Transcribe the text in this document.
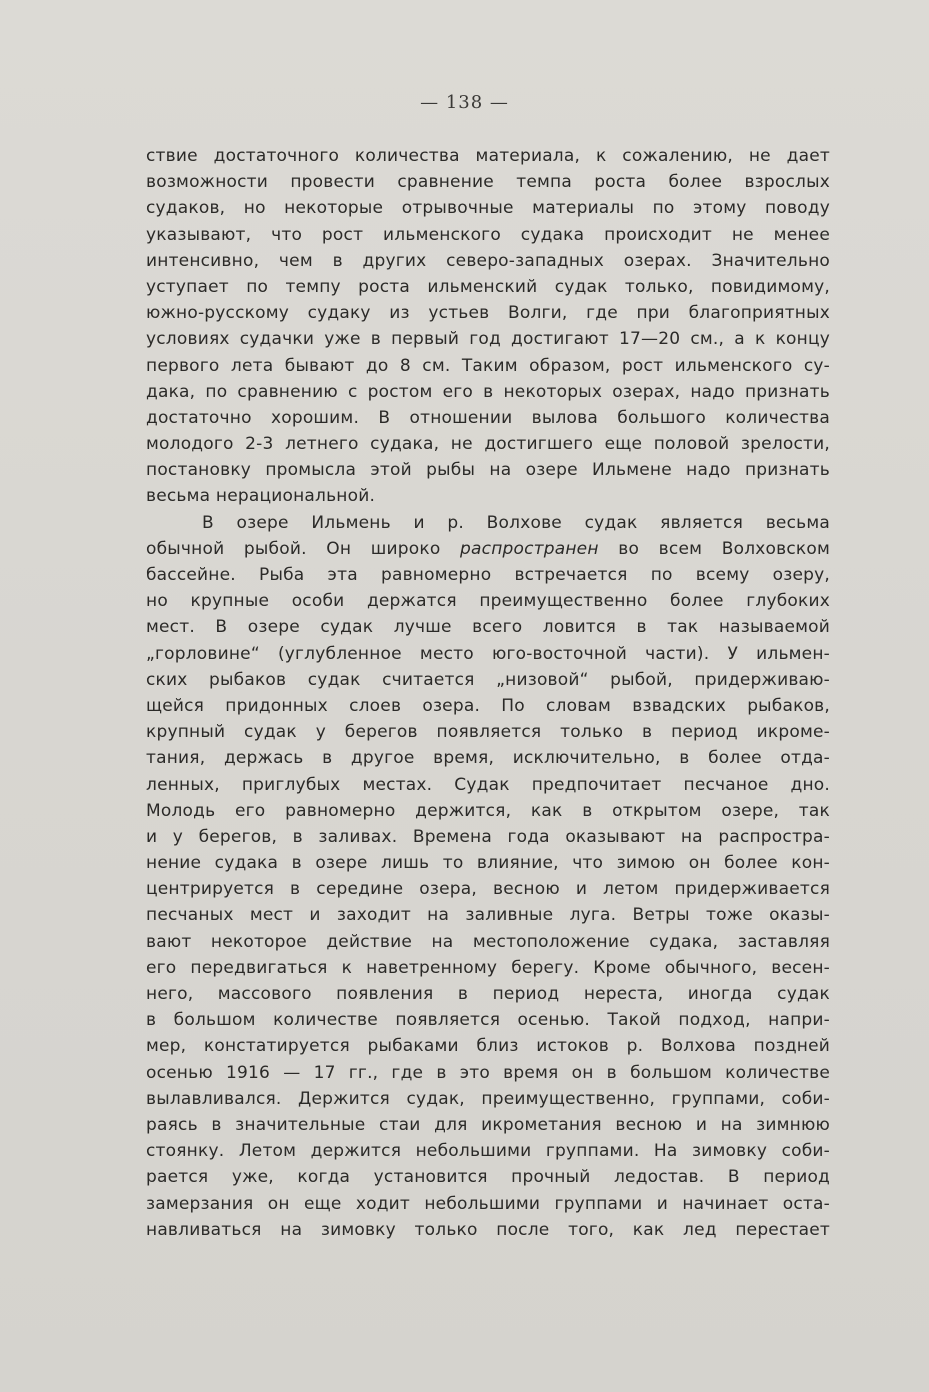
— 138 —
ствие достаточного количества материала, к сожалению, не дает
возможности провести сравнение темпа роста более взрослых
судаков, но некоторые отрывочные материалы по этому поводу
указывают, что рост ильменского судака происходит не менее
интенсивно, чем в других северо-западных озерах. Значительно
уступает по темпу роста ильменский судак только, повидимому,
южно-русскому судаку из устьев Волги, где при благоприятных
условиях судачки уже в первый год достигают 17—20 см., а к концу
первого лета бывают до 8 см. Таким образом, рост ильменского су-
дака, по сравнению с ростом его в некоторых озерах, надо признать
достаточно хорошим. В отношении вылова большого количества
молодого 2-3 летнего судака, не достигшего еще половой зрелости,
постановку промысла этой рыбы на озере Ильмене надо признать
весьма нерациональной.
В озере Ильмень и р. Волхове судак является весьма
обычной рыбой. Он широко распространен во всем Волховском
бассейне. Рыба эта равномерно встречается по всему озеру,
но крупные особи держатся преимущественно более глубоких
мест. В озере судак лучше всего ловится в так называемой
„горловине“ (углубленное место юго-восточной части). У ильмен-
ских рыбаков судак считается „низовой“ рыбой, придерживаю-
щейся придонных слоев озера. По словам взвадских рыбаков,
крупный судак у берегов появляется только в период икроме-
тания, держась в другое время, исключительно, в более отда-
ленных, приглубых местах. Судак предпочитает песчаное дно.
Молодь его равномерно держится, как в открытом озере, так
и у берегов, в заливах. Времена года оказывают на распростра-
нение судака в озере лишь то влияние, что зимою он более кон-
центрируется в середине озера, весною и летом придерживается
песчаных мест и заходит на заливные луга. Ветры тоже оказы-
вают некоторое действие на местоположение судака, заставляя
его передвигаться к наветренному берегу. Кроме обычного, весен-
него, массового появления в период нереста, иногда судак
в большом количестве появляется осенью. Такой подход, напри-
мер, констатируется рыбаками близ истоков р. Волхова поздней
осенью 1916 — 17 гг., где в это время он в большом количестве
вылавливался. Держится судак, преимущественно, группами, соби-
раясь в значительные стаи для икрометания весною и на зимнюю
стоянку. Летом держится небольшими группами. На зимовку соби-
рается уже, когда установится прочный ледостав. В период
замерзания он еще ходит небольшими группами и начинает оста-
навливаться на зимовку только после того, как лед перестает
